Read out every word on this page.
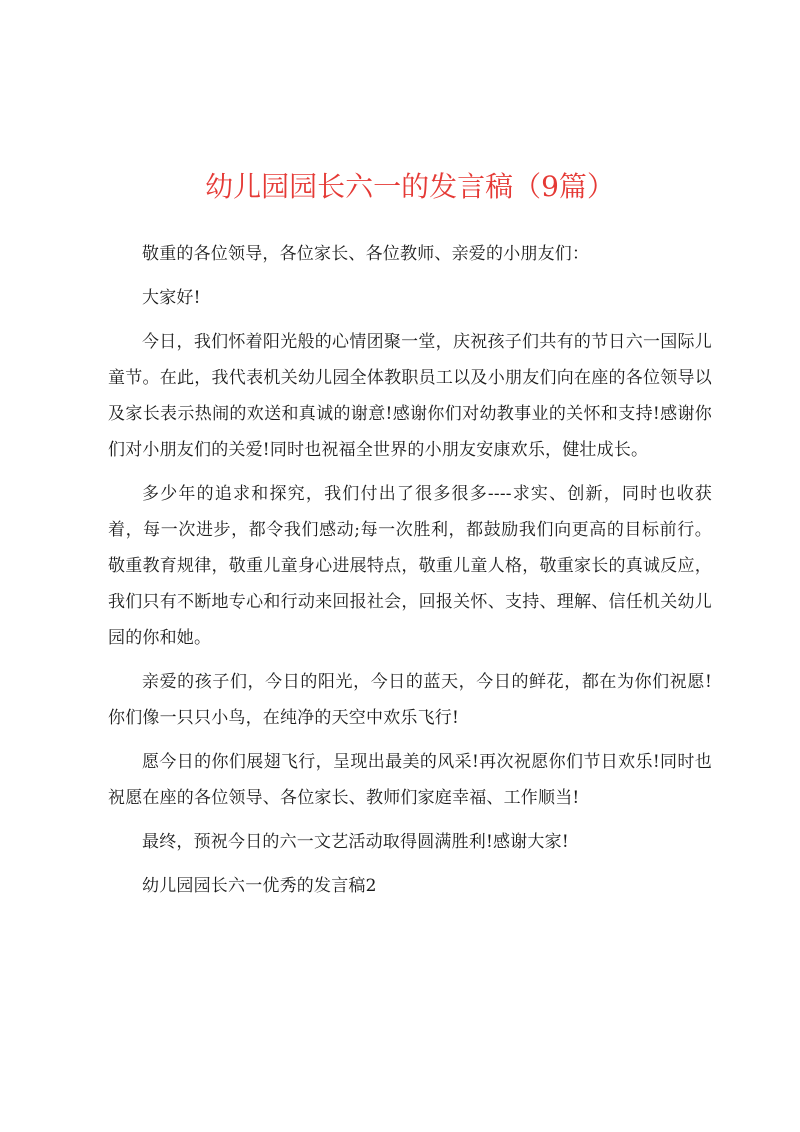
幼儿园园长六一的发言稿（9篇）

敬重的各位领导，各位家长、各位教师、亲爱的小朋友们：

大家好!

今日，我们怀着阳光般的心情团聚一堂，庆祝孩子们共有的节日六一国际儿童节。在此，我代表机关幼儿园全体教职员工以及小朋友们向在座的各位领导以及家长表示热闹的欢送和真诚的谢意!感谢你们对幼教事业的关怀和支持!感谢你们对小朋友们的关爱!同时也祝福全世界的小朋友安康欢乐，健壮成长。

多少年的追求和探究，我们付出了很多很多----求实、创新，同时也收获着，每一次进步，都令我们感动;每一次胜利，都鼓励我们向更高的目标前行。敬重教育规律，敬重儿童身心进展特点，敬重儿童人格，敬重家长的真诚反应，我们只有不断地专心和行动来回报社会，回报关怀、支持、理解、信任机关幼儿园的你和她。

亲爱的孩子们，今日的阳光，今日的蓝天，今日的鲜花，都在为你们祝愿!你们像一只只小鸟，在纯净的天空中欢乐飞行!

愿今日的你们展翅飞行，呈现出最美的风采!再次祝愿你们节日欢乐!同时也祝愿在座的各位领导、各位家长、教师们家庭幸福、工作顺当!

最终，预祝今日的六一文艺活动取得圆满胜利!感谢大家!

幼儿园园长六一优秀的发言稿2
